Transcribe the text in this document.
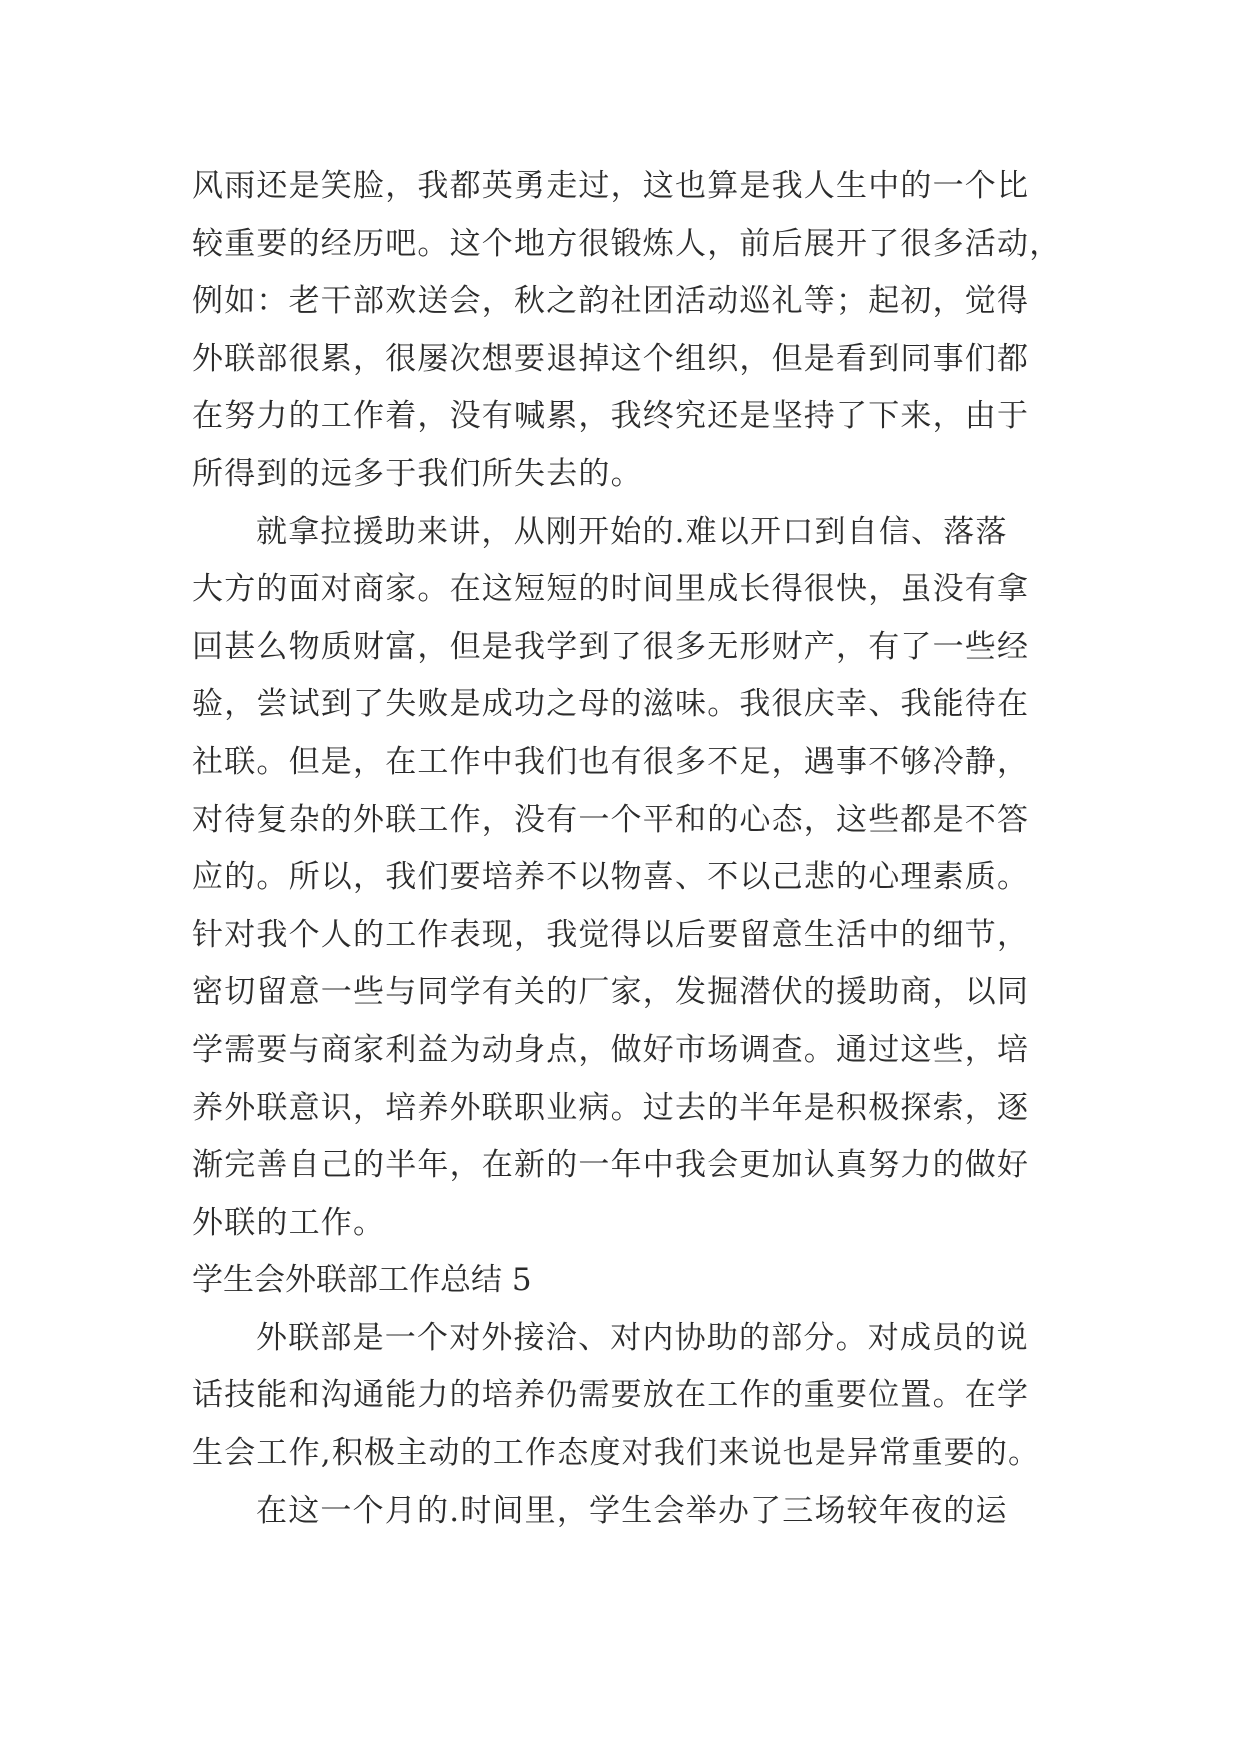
风雨还是笑脸，我都英勇走过，这也算是我人生中的一个比
较重要的经历吧。这个地方很锻炼人，前后展开了很多活动，
例如：老干部欢送会，秋之韵社团活动巡礼等；起初，觉得
外联部很累，很屡次想要退掉这个组织，但是看到同事们都
在努力的工作着，没有喊累，我终究还是坚持了下来，由于
所得到的远多于我们所失去的。
就拿拉援助来讲，从刚开始的.难以开口到自信、落落
大方的面对商家。在这短短的时间里成长得很快，虽没有拿
回甚么物质财富，但是我学到了很多无形财产，有了一些经
验，尝试到了失败是成功之母的滋味。我很庆幸、我能待在
社联。但是，在工作中我们也有很多不足，遇事不够冷静，
对待复杂的外联工作，没有一个平和的心态，这些都是不答
应的。所以，我们要培养不以物喜、不以己悲的心理素质。
针对我个人的工作表现，我觉得以后要留意生活中的细节，
密切留意一些与同学有关的厂家，发掘潜伏的援助商，以同
学需要与商家利益为动身点，做好市场调查。通过这些，培
养外联意识，培养外联职业病。过去的半年是积极探索，逐
渐完善自己的半年，在新的一年中我会更加认真努力的做好
外联的工作。
学生会外联部工作总结 5
外联部是一个对外接洽、对内协助的部分。对成员的说
话技能和沟通能力的培养仍需要放在工作的重要位置。在学
生会工作,积极主动的工作态度对我们来说也是异常重要的。
在这一个月的.时间里，学生会举办了三场较年夜的运
